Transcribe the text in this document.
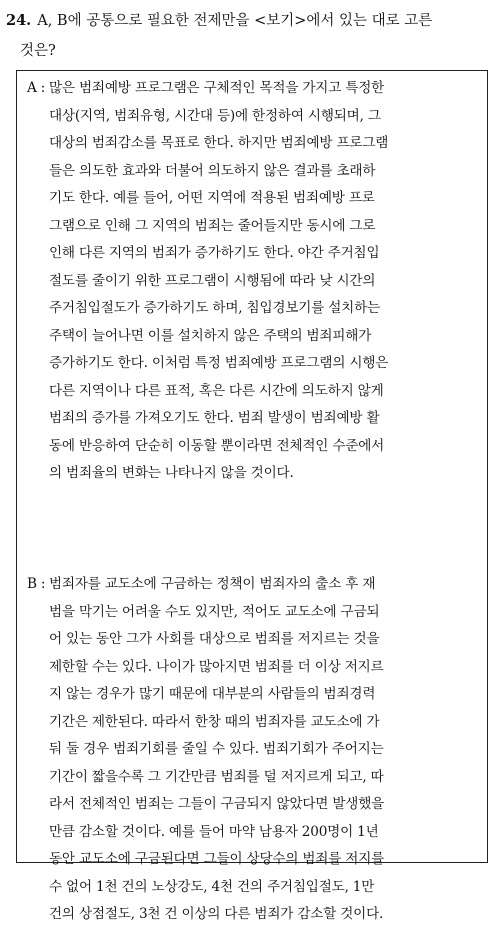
24. A, B에 공통으로 필요한 전제만을 <보기>에서 있는 대로 고른
것은?
A : 많은 범죄예방 프로그램은 구체적인 목적을 가지고 특정한
대상(지역, 범죄유형, 시간대 등)에 한정하여 시행되며, 그
대상의 범죄감소를 목표로 한다. 하지만 범죄예방 프로그램
들은 의도한 효과와 더불어 의도하지 않은 결과를 초래하
기도 한다. 예를 들어, 어떤 지역에 적용된 범죄예방 프로
그램으로 인해 그 지역의 범죄는 줄어들지만 동시에 그로
인해 다른 지역의 범죄가 증가하기도 한다. 야간 주거침입
절도를 줄이기 위한 프로그램이 시행됨에 따라 낮 시간의
주거침입절도가 증가하기도 하며, 침입경보기를 설치하는
주택이 늘어나면 이를 설치하지 않은 주택의 범죄피해가
증가하기도 한다. 이처럼 특정 범죄예방 프로그램의 시행은
다른 지역이나 다른 표적, 혹은 다른 시간에 의도하지 않게
범죄의 증가를 가져오기도 한다. 범죄 발생이 범죄예방 활
동에 반응하여 단순히 이동할 뿐이라면 전체적인 수준에서
의 범죄율의 변화는 나타나지 않을 것이다.
B : 범죄자를 교도소에 구금하는 정책이 범죄자의 출소 후 재
범을 막기는 어려울 수도 있지만, 적어도 교도소에 구금되
어 있는 동안 그가 사회를 대상으로 범죄를 저지르는 것을
제한할 수는 있다. 나이가 많아지면 범죄를 더 이상 저지르
지 않는 경우가 많기 때문에 대부분의 사람들의 범죄경력
기간은 제한된다. 따라서 한창 때의 범죄자를 교도소에 가
둬 둘 경우 범죄기회를 줄일 수 있다. 범죄기회가 주어지는
기간이 짧을수록 그 기간만큼 범죄를 덜 저지르게 되고, 따
라서 전체적인 범죄는 그들이 구금되지 않았다면 발생했을
만큼 감소할 것이다. 예를 들어 마약 남용자 200명이 1년
동안 교도소에 구금된다면 그들이 상당수의 범죄를 저지를
수 없어 1천 건의 노상강도, 4천 건의 주거침입절도, 1만
건의 상점절도, 3천 건 이상의 다른 범죄가 감소할 것이다.
